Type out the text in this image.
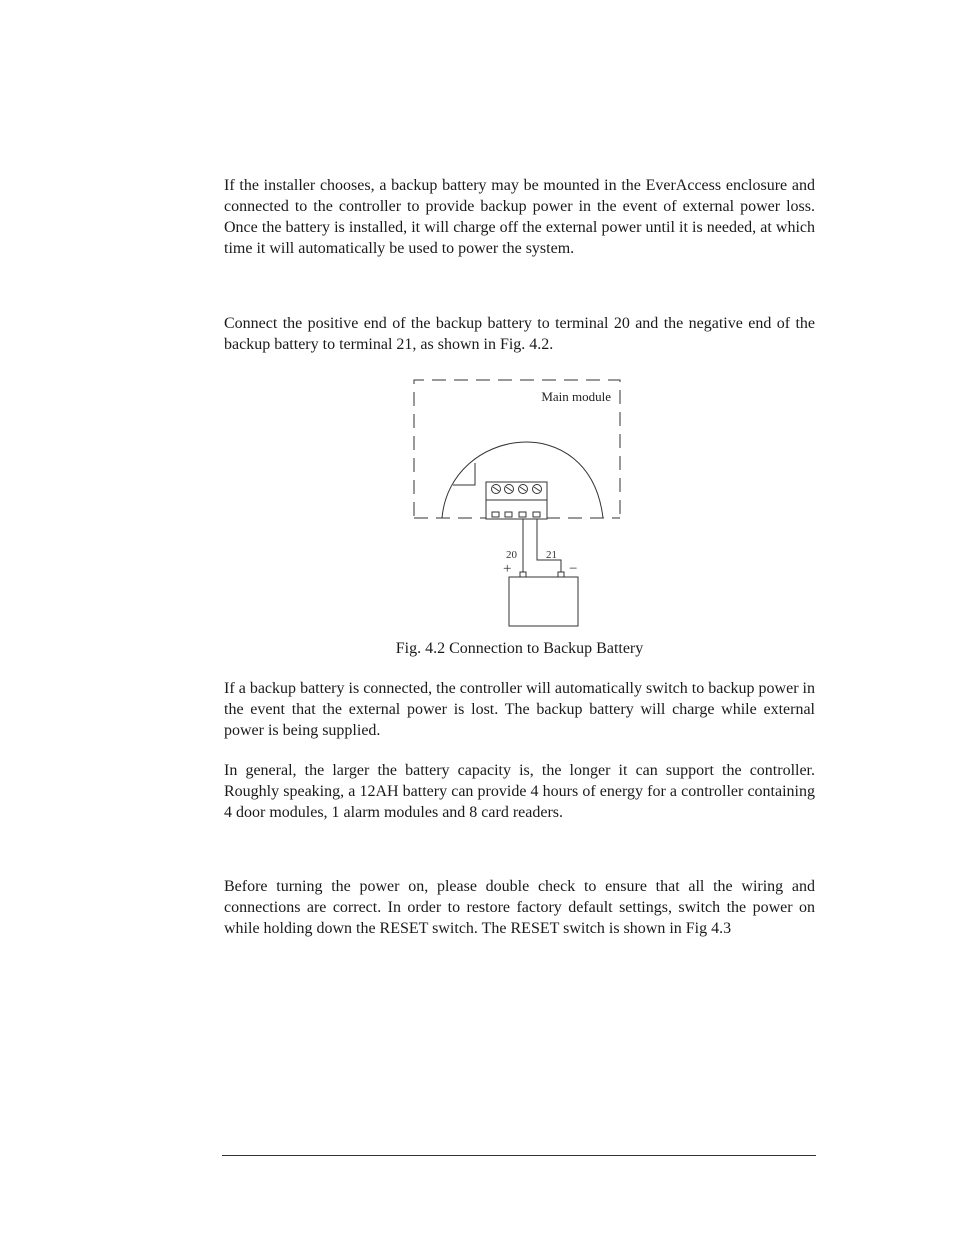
If the installer chooses, a backup battery may be mounted in the EverAccess enclosure and connected to the controller to provide backup power in the event of external power loss. Once the battery is installed, it will charge off the external power until it is needed, at which time it will automatically be used to power the system.

Connect the positive end of the backup battery to terminal 20 and the negative end of the backup battery to terminal 21, as shown in Fig. 4.2.

Main module
20	21
+	−
Fig. 4.2 Connection to Backup Battery

If a backup battery is connected, the controller will automatically switch to backup power in the event that the external power is lost. The backup battery will charge while external power is being supplied.

In general, the larger the battery capacity is, the longer it can support the controller. Roughly speaking, a 12AH battery can provide 4 hours of energy for a controller containing 4 door modules, 1 alarm modules and 8 card readers.

Before turning the power on, please double check to ensure that all the wiring and connections are correct. In order to restore factory default settings, switch the power on while holding down the RESET switch. The RESET switch is shown in Fig 4.3
